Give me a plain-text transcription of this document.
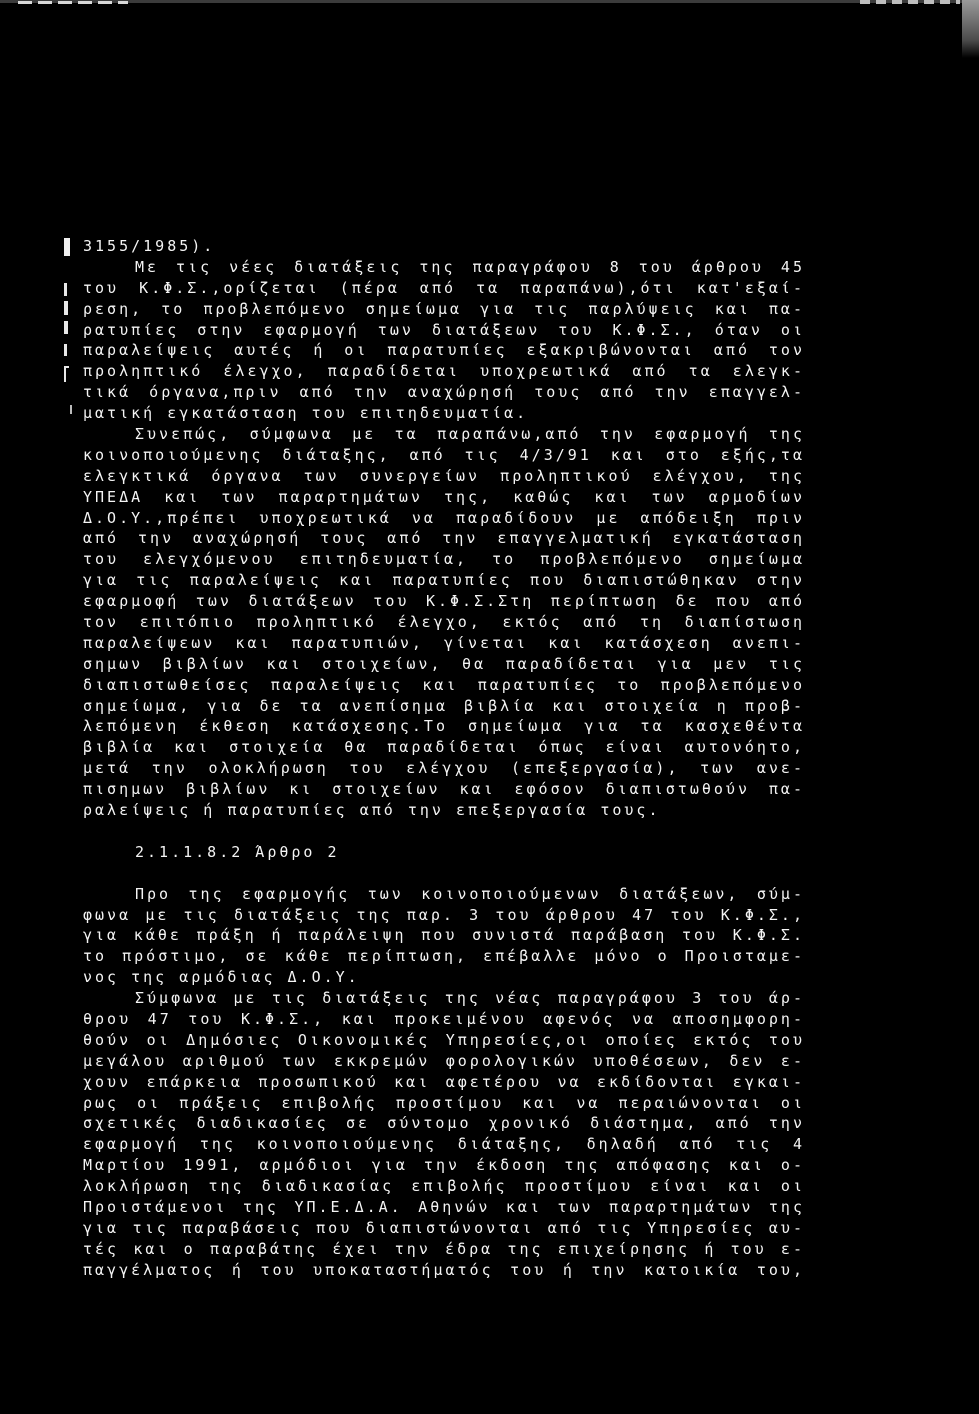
3155/1985).
Με τις νέες διατάξεις της παραγράφου 8 του άρθρου 45
του Κ.Φ.Σ.,ορίζεται (πέρα από τα παραπάνω),ότι κατ'εξαί-
ρεση, το προβλεπόμενο σημείωμα για τις παρλύψεις και πα-
ρατυπίες στην εφαρμογή των διατάξεων του Κ.Φ.Σ., όταν οι
παραλείψεις αυτές ή οι παρατυπίες εξακριβώνονται από τον
προληπτικό έλεγχο, παραδίδεται υποχρεωτικά από τα ελεγκ-
τικά όργανα,πριν από την αναχώρησή τους από την επαγγελ-
ματική εγκατάσταση του επιτηδευματία.
Συνεπώς, σύμφωνα με τα παραπάνω,από την εφαρμογή της
κοινοποιούμενης διάταξης, από τις 4/3/91 και στο εξής,τα
ελεγκτικά όργανα των συνεργείων προληπτικού ελέγχου, της
ΥΠΕΔΑ και των παραρτημάτων της, καθώς και των αρμοδίων
Δ.Ο.Υ.,πρέπει υποχρεωτικά να παραδίδουν με απόδειξη πριν
από την αναχώρησή τους από την επαγγελματική εγκατάσταση
του ελεγχόμενου επιτηδευματία, το προβλεπόμενο σημείωμα
για τις παραλείψεις και παρατυπίες που διαπιστώθηκαν στην
εφαρμοφή των διατάξεων του Κ.Φ.Σ.Στη περίπτωση δε που από
τον επιτόπιο προληπτικό έλεγχο, εκτός από τη διαπίστωση
παραλείψεων και παρατυπιών, γίνεται και κατάσχεση ανεπι-
σημων βιβλίων και στοιχείων, θα παραδίδεται για μεν τις
διαπιστωθείσες παραλείψεις και παρατυπίες το προβλεπόμενο
σημείωμα, για δε τα ανεπίσημα βιβλία και στοιχεία η προβ-
λεπόμενη έκθεση κατάσχεσης.Το σημείωμα για τα κασχεθέντα
βιβλία και στοιχεία θα παραδίδεται όπως είναι αυτονόητο,
μετά την ολοκλήρωση του ελέγχου (επεξεργασία), των ανε-
πισημων βιβλίων κι στοιχείων και εφόσον διαπιστωθούν πα-
ραλείψεις ή παρατυπίες από την επεξεργασία τους.
2.1.1.8.2 Άρθρο 2
Προ της εφαρμογής των κοινοποιούμενων διατάξεων, σύμ-
φωνα με τις διατάξεις της παρ. 3 του άρθρου 47 του Κ.Φ.Σ.,
για κάθε πράξη ή παράλειψη που συνιστά παράβαση του Κ.Φ.Σ.
το πρόστιμο, σε κάθε περίπτωση, επέβαλλε μόνο ο Προισταμε-
νος της αρμόδιας Δ.Ο.Υ.
Σύμφωνα με τις διατάξεις της νέας παραγράφου 3 του άρ-
θρου 47 του Κ.Φ.Σ., και προκειμένου αφενός να αποσημφορη-
θούν οι Δημόσιες Οικονομικές Υπηρεσίες,οι οποίες εκτός του
μεγάλου αριθμού των εκκρεμών φορολογικών υποθέσεων, δεν ε-
χουν επάρκεια προσωπικού και αφετέρου να εκδίδονται εγκαι-
ρως οι πράξεις επιβολής προστίμου και να περαιώνονται οι
σχετικές διαδικασίες σε σύντομο χρονικό διάστημα, από την
εφαρμογή της κοινοποιούμενης διάταξης, δηλαδή από τις 4
Μαρτίου 1991, αρμόδιοι για την έκδοση της απόφασης και ο-
λοκλήρωση της διαδικασίας επιβολής προστίμου είναι και οι
Προιστάμενοι της ΥΠ.Ε.Δ.Α. Αθηνών και των παραρτημάτων της
για τις παραβάσεις που διαπιστώνονται από τις Υπηρεσίες αυ-
τές και ο παραβάτης έχει την έδρα της επιχείρησης ή του ε-
παγγέλματος ή του υποκαταστήματός του ή την κατοικία του,
